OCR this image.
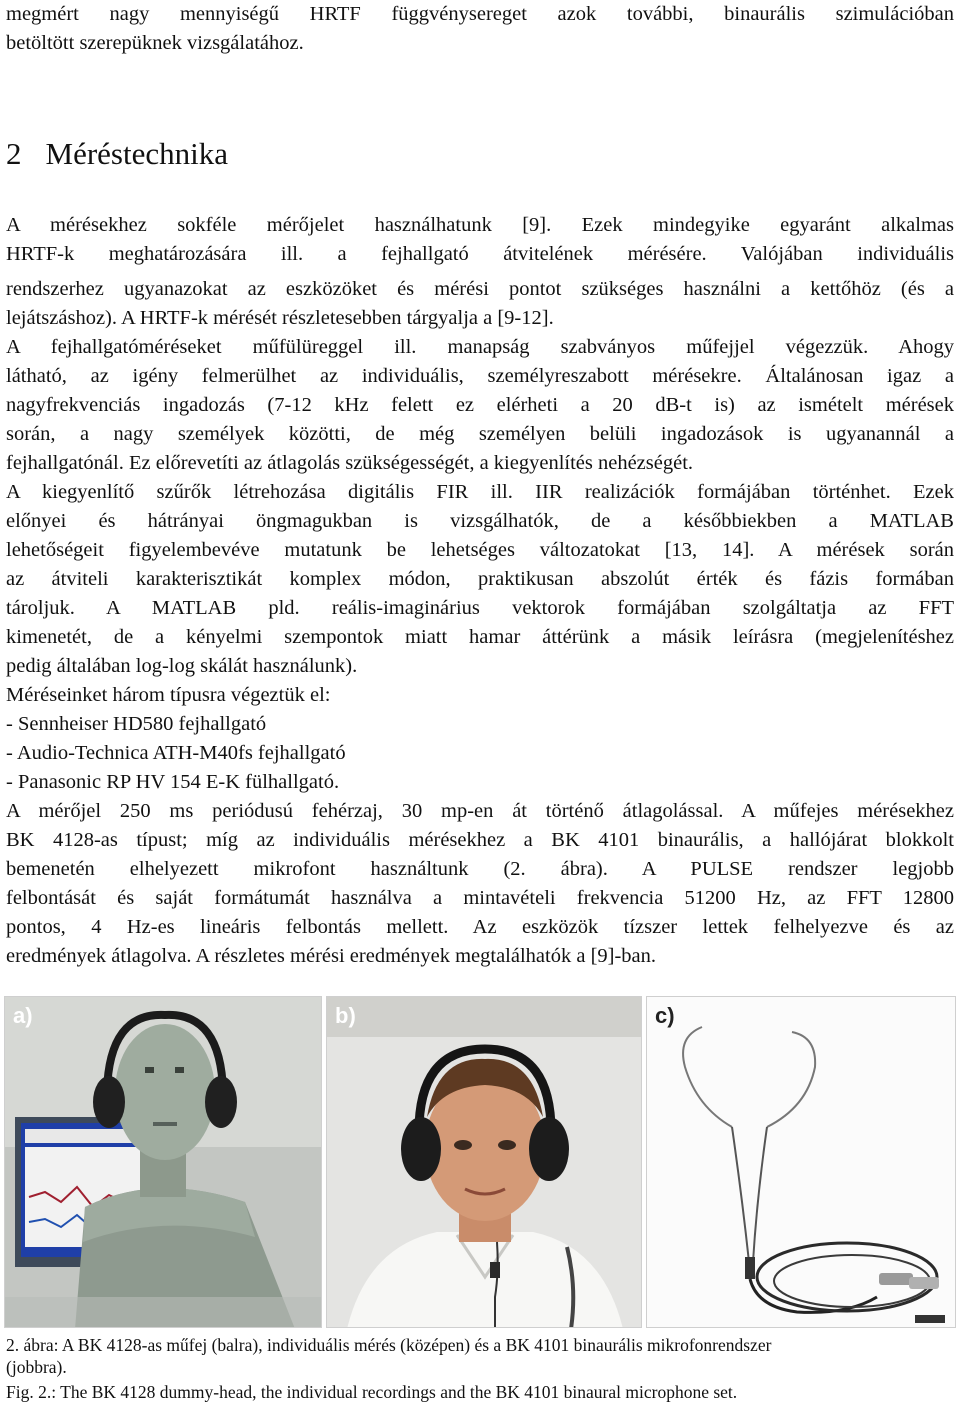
megmért nagy mennyiségű HRTF függvénysereget azok további, binaurális szimulációban
betöltött szerepüknek vizsgálatához.
2 Méréstechnika
A mérésekhez sokféle mérőjelet használhatunk [9]. Ezek mindegyike egyaránt alkalmas
HRTF-k meghatározására ill. a fejhallgató átvitelének mérésére. Valójában individuális
rendszerhez ugyanazokat az eszközöket és mérési pontot szükséges használni a kettőhöz (és a
lejátszáshoz). A HRTF-k mérését részletesebben tárgyalja a [9-12].
A fejhallgatóméréseket műfülüreggel ill. manapság szabványos műfejjel végezzük. Ahogy
látható, az igény felmerülhet az individuális, személyreszabott mérésekre. Általánosan igaz a
nagyfrekvenciás ingadozás (7-12 kHz felett ez elérheti a 20 dB-t is) az ismételt mérések
során, a nagy személyek közötti, de még személyen belüli ingadozások is ugyanannál a
fejhallgatónál. Ez előrevetíti az átlagolás szükségességét, a kiegyenlítés nehézségét.
A kiegyenlítő szűrők létrehozása digitális FIR ill. IIR realizációk formájában történhet. Ezek
előnyei és hátrányai öngmagukban is vizsgálhatók, de a későbbiekben a MATLAB
lehetőségeit figyelembevéve mutatunk be lehetséges változatokat [13, 14]. A mérések során
az átviteli karakterisztikát komplex módon, praktikusan abszolút érték és fázis formában
tároljuk. A MATLAB pld. reális-imaginárius vektorok formájában szolgáltatja az FFT
kimenetét, de a kényelmi szempontok miatt hamar áttérünk a másik leírásra (megjelenítéshez
pedig általában log-log skálát használunk).
Méréseinket három típusra végeztük el:
- Sennheiser HD580 fejhallgató
- Audio-Technica ATH-M40fs fejhallgató
- Panasonic RP HV 154 E-K fülhallgató.
A mérőjel 250 ms periódusú fehérzaj, 30 mp-en át történő átlagolással. A műfejes mérésekhez
BK 4128-as típust; míg az individuális mérésekhez a BK 4101 binaurális, a hallójárat blokkolt
bemenetén elhelyezett mikrofont használtunk (2. ábra). A PULSE rendszer legjobb
felbontását és saját formátumát használva a mintavételi frekvencia 51200 Hz, az FFT 12800
pontos, 4 Hz-es lineáris felbontás mellett. Az eszközök tízszer lettek felhelyezve és az
eredmények átlagolva. A részletes mérési eredmények megtalálhatók a [9]-ban.
a)	b)	c)
2. ábra: A BK 4128-as műfej (balra), individuális mérés (középen) és a BK 4101 binaurális mikrofonrendszer
(jobbra).
Fig. 2.: The BK 4128 dummy-head, the individual recordings and the BK 4101 binaural microphone set.
